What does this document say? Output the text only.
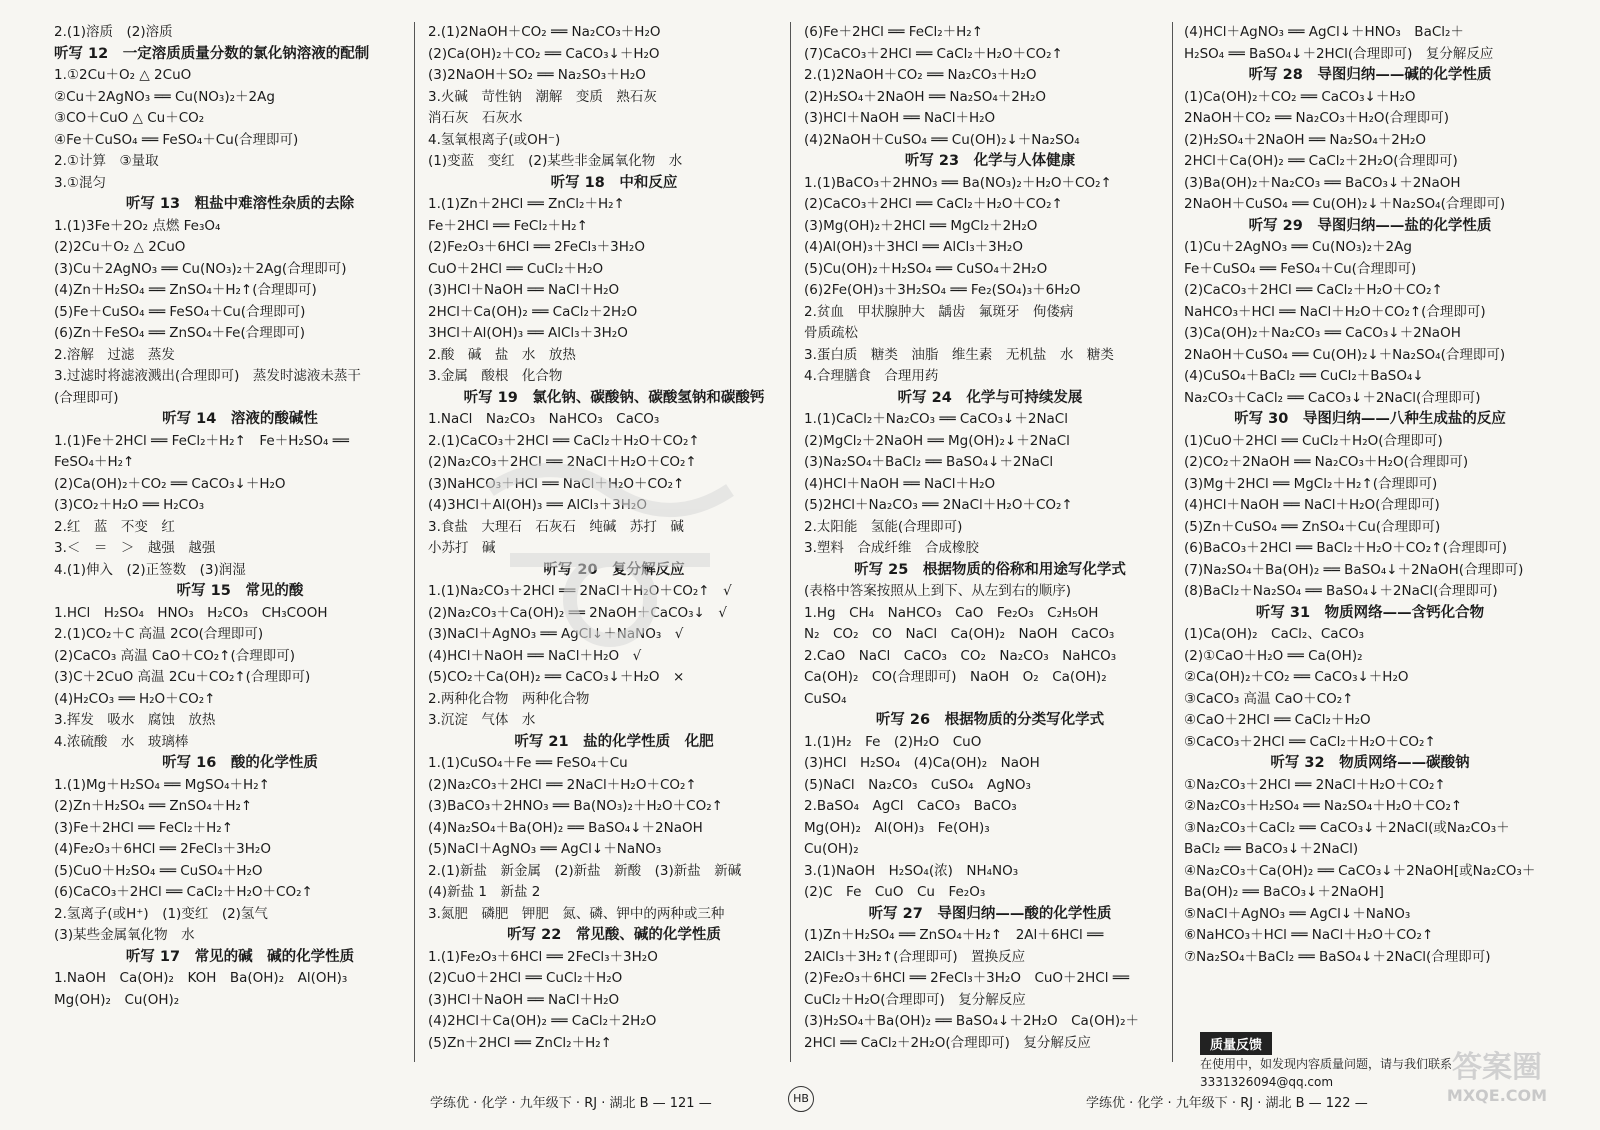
2.(1)溶质　(2)溶质
听写 12　一定溶质质量分数的氯化钠溶液的配制
1.①2Cu＋O₂ △ 2CuO
②Cu＋2AgNO₃ ══ Cu(NO₃)₂＋2Ag
③CO＋CuO △ Cu＋CO₂
④Fe＋CuSO₄ ══ FeSO₄＋Cu(合理即可)
2.①计算　③量取
3.①混匀
听写 13　粗盐中难溶性杂质的去除
1.(1)3Fe＋2O₂ 点燃 Fe₃O₄
(2)2Cu＋O₂ △ 2CuO
(3)Cu＋2AgNO₃ ══ Cu(NO₃)₂＋2Ag(合理即可)
(4)Zn＋H₂SO₄ ══ ZnSO₄＋H₂↑(合理即可)
(5)Fe＋CuSO₄ ══ FeSO₄＋Cu(合理即可)
(6)Zn＋FeSO₄ ══ ZnSO₄＋Fe(合理即可)
2.溶解　过滤　蒸发
3.过滤时将滤液溅出(合理即可)　蒸发时滤液未蒸干
(合理即可)
听写 14　溶液的酸碱性
1.(1)Fe＋2HCl ══ FeCl₂＋H₂↑　Fe＋H₂SO₄ ══
FeSO₄＋H₂↑
(2)Ca(OH)₂＋CO₂ ══ CaCO₃↓＋H₂O
(3)CO₂＋H₂O ══ H₂CO₃
2.红　蓝　不变　红
3.＜　＝　＞　越强　越强
4.(1)伸入　(2)正签数　(3)润湿
听写 15　常见的酸
1.HCl　H₂SO₄　HNO₃　H₂CO₃　CH₃COOH
2.(1)CO₂＋C 高温 2CO(合理即可)
(2)CaCO₃ 高温 CaO＋CO₂↑(合理即可)
(3)C＋2CuO 高温 2Cu＋CO₂↑(合理即可)
(4)H₂CO₃ ══ H₂O＋CO₂↑
3.挥发　吸水　腐蚀　放热
4.浓硫酸　水　玻璃棒
听写 16　酸的化学性质
1.(1)Mg＋H₂SO₄ ══ MgSO₄＋H₂↑
(2)Zn＋H₂SO₄ ══ ZnSO₄＋H₂↑
(3)Fe＋2HCl ══ FeCl₂＋H₂↑
(4)Fe₂O₃＋6HCl ══ 2FeCl₃＋3H₂O
(5)CuO＋H₂SO₄ ══ CuSO₄＋H₂O
(6)CaCO₃＋2HCl ══ CaCl₂＋H₂O＋CO₂↑
2.氢离子(或H⁺)　(1)变红　(2)氢气
(3)某些金属氧化物　水
听写 17　常见的碱　碱的化学性质
1.NaOH　Ca(OH)₂　KOH　Ba(OH)₂　Al(OH)₃
Mg(OH)₂　Cu(OH)₂
2.(1)2NaOH＋CO₂ ══ Na₂CO₃＋H₂O
(2)Ca(OH)₂＋CO₂ ══ CaCO₃↓＋H₂O
(3)2NaOH＋SO₂ ══ Na₂SO₃＋H₂O
3.火碱　苛性钠　潮解　变质　熟石灰
消石灰　石灰水
4.氢氧根离子(或OH⁻)
(1)变蓝　变红　(2)某些非金属氧化物　水
听写 18　中和反应
1.(1)Zn＋2HCl ══ ZnCl₂＋H₂↑
Fe＋2HCl ══ FeCl₂＋H₂↑
(2)Fe₂O₃＋6HCl ══ 2FeCl₃＋3H₂O
CuO＋2HCl ══ CuCl₂＋H₂O
(3)HCl＋NaOH ══ NaCl＋H₂O
2HCl＋Ca(OH)₂ ══ CaCl₂＋2H₂O
3HCl＋Al(OH)₃ ══ AlCl₃＋3H₂O
2.酸　碱　盐　水　放热
3.金属　酸根　化合物
听写 19　氯化钠、碳酸钠、碳酸氢钠和碳酸钙
1.NaCl　Na₂CO₃　NaHCO₃　CaCO₃
2.(1)CaCO₃＋2HCl ══ CaCl₂＋H₂O＋CO₂↑
(2)Na₂CO₃＋2HCl ══ 2NaCl＋H₂O＋CO₂↑
(3)NaHCO₃＋HCl ══ NaCl＋H₂O＋CO₂↑
(4)3HCl＋Al(OH)₃ ══ AlCl₃＋3H₂O
3.食盐　大理石　石灰石　纯碱　苏打　碱
小苏打　碱
听写 20　复分解反应
1.(1)Na₂CO₃＋2HCl ══ 2NaCl＋H₂O＋CO₂↑　√
(2)Na₂CO₃＋Ca(OH)₂ ══ 2NaOH＋CaCO₃↓　√
(3)NaCl＋AgNO₃ ══ AgCl↓＋NaNO₃　√
(4)HCl＋NaOH ══ NaCl＋H₂O　√
(5)CO₂＋Ca(OH)₂ ══ CaCO₃↓＋H₂O　×
2.两种化合物　两种化合物
3.沉淀　气体　水
听写 21　盐的化学性质　化肥
1.(1)CuSO₄＋Fe ══ FeSO₄＋Cu
(2)Na₂CO₃＋2HCl ══ 2NaCl＋H₂O＋CO₂↑
(3)BaCO₃＋2HNO₃ ══ Ba(NO₃)₂＋H₂O＋CO₂↑
(4)Na₂SO₄＋Ba(OH)₂ ══ BaSO₄↓＋2NaOH
(5)NaCl＋AgNO₃ ══ AgCl↓＋NaNO₃
2.(1)新盐　新金属　(2)新盐　新酸　(3)新盐　新碱
(4)新盐 1　新盐 2
3.氮肥　磷肥　钾肥　氮、磷、钾中的两种或三种
听写 22　常见酸、碱的化学性质
1.(1)Fe₂O₃＋6HCl ══ 2FeCl₃＋3H₂O
(2)CuO＋2HCl ══ CuCl₂＋H₂O
(3)HCl＋NaOH ══ NaCl＋H₂O
(4)2HCl＋Ca(OH)₂ ══ CaCl₂＋2H₂O
(5)Zn＋2HCl ══ ZnCl₂＋H₂↑
(6)Fe＋2HCl ══ FeCl₂＋H₂↑
(7)CaCO₃＋2HCl ══ CaCl₂＋H₂O＋CO₂↑
2.(1)2NaOH＋CO₂ ══ Na₂CO₃＋H₂O
(2)H₂SO₄＋2NaOH ══ Na₂SO₄＋2H₂O
(3)HCl＋NaOH ══ NaCl＋H₂O
(4)2NaOH＋CuSO₄ ══ Cu(OH)₂↓＋Na₂SO₄
听写 23　化学与人体健康
1.(1)BaCO₃＋2HNO₃ ══ Ba(NO₃)₂＋H₂O＋CO₂↑
(2)CaCO₃＋2HCl ══ CaCl₂＋H₂O＋CO₂↑
(3)Mg(OH)₂＋2HCl ══ MgCl₂＋2H₂O
(4)Al(OH)₃＋3HCl ══ AlCl₃＋3H₂O
(5)Cu(OH)₂＋H₂SO₄ ══ CuSO₄＋2H₂O
(6)2Fe(OH)₃＋3H₂SO₄ ══ Fe₂(SO₄)₃＋6H₂O
2.贫血　甲状腺肿大　龋齿　氟斑牙　佝偻病
骨质疏松
3.蛋白质　糖类　油脂　维生素　无机盐　水　糖类
4.合理膳食　合理用药
听写 24　化学与可持续发展
1.(1)CaCl₂＋Na₂CO₃ ══ CaCO₃↓＋2NaCl
(2)MgCl₂＋2NaOH ══ Mg(OH)₂↓＋2NaCl
(3)Na₂SO₄＋BaCl₂ ══ BaSO₄↓＋2NaCl
(4)HCl＋NaOH ══ NaCl＋H₂O
(5)2HCl＋Na₂CO₃ ══ 2NaCl＋H₂O＋CO₂↑
2.太阳能　氢能(合理即可)
3.塑料　合成纤维　合成橡胶
听写 25　根据物质的俗称和用途写化学式
(表格中答案按照从上到下、从左到右的顺序)
1.Hg　CH₄　NaHCO₃　CaO　Fe₂O₃　C₂H₅OH
N₂　CO₂　CO　NaCl　Ca(OH)₂　NaOH　CaCO₃
2.CaO　NaCl　CaCO₃　CO₂　Na₂CO₃　NaHCO₃
Ca(OH)₂　CO(合理即可)　NaOH　O₂　Ca(OH)₂
CuSO₄
听写 26　根据物质的分类写化学式
1.(1)H₂　Fe　(2)H₂O　CuO
(3)HCl　H₂SO₄　(4)Ca(OH)₂　NaOH
(5)NaCl　Na₂CO₃　CuSO₄　AgNO₃
2.BaSO₄　AgCl　CaCO₃　BaCO₃
Mg(OH)₂　Al(OH)₃　Fe(OH)₃
Cu(OH)₂
3.(1)NaOH　H₂SO₄(浓)　NH₄NO₃
(2)C　Fe　CuO　Cu　Fe₂O₃
听写 27　导图归纳——酸的化学性质
(1)Zn＋H₂SO₄ ══ ZnSO₄＋H₂↑　2Al＋6HCl ══
2AlCl₃＋3H₂↑(合理即可)　置换反应
(2)Fe₂O₃＋6HCl ══ 2FeCl₃＋3H₂O　CuO＋2HCl ══
CuCl₂＋H₂O(合理即可)　复分解反应
(3)H₂SO₄＋Ba(OH)₂ ══ BaSO₄↓＋2H₂O　Ca(OH)₂＋
2HCl ══ CaCl₂＋2H₂O(合理即可)　复分解反应
(4)HCl＋AgNO₃ ══ AgCl↓＋HNO₃　BaCl₂＋
H₂SO₄ ══ BaSO₄↓＋2HCl(合理即可)　复分解反应
听写 28　导图归纳——碱的化学性质
(1)Ca(OH)₂＋CO₂ ══ CaCO₃↓＋H₂O
2NaOH＋CO₂ ══ Na₂CO₃＋H₂O(合理即可)
(2)H₂SO₄＋2NaOH ══ Na₂SO₄＋2H₂O
2HCl＋Ca(OH)₂ ══ CaCl₂＋2H₂O(合理即可)
(3)Ba(OH)₂＋Na₂CO₃ ══ BaCO₃↓＋2NaOH
2NaOH＋CuSO₄ ══ Cu(OH)₂↓＋Na₂SO₄(合理即可)
听写 29　导图归纳——盐的化学性质
(1)Cu＋2AgNO₃ ══ Cu(NO₃)₂＋2Ag
Fe＋CuSO₄ ══ FeSO₄＋Cu(合理即可)
(2)CaCO₃＋2HCl ══ CaCl₂＋H₂O＋CO₂↑
NaHCO₃＋HCl ══ NaCl＋H₂O＋CO₂↑(合理即可)
(3)Ca(OH)₂＋Na₂CO₃ ══ CaCO₃↓＋2NaOH
2NaOH＋CuSO₄ ══ Cu(OH)₂↓＋Na₂SO₄(合理即可)
(4)CuSO₄＋BaCl₂ ══ CuCl₂＋BaSO₄↓
Na₂CO₃＋CaCl₂ ══ CaCO₃↓＋2NaCl(合理即可)
听写 30　导图归纳——八种生成盐的反应
(1)CuO＋2HCl ══ CuCl₂＋H₂O(合理即可)
(2)CO₂＋2NaOH ══ Na₂CO₃＋H₂O(合理即可)
(3)Mg＋2HCl ══ MgCl₂＋H₂↑(合理即可)
(4)HCl＋NaOH ══ NaCl＋H₂O(合理即可)
(5)Zn＋CuSO₄ ══ ZnSO₄＋Cu(合理即可)
(6)BaCO₃＋2HCl ══ BaCl₂＋H₂O＋CO₂↑(合理即可)
(7)Na₂SO₄＋Ba(OH)₂ ══ BaSO₄↓＋2NaOH(合理即可)
(8)BaCl₂＋Na₂SO₄ ══ BaSO₄↓＋2NaCl(合理即可)
听写 31　物质网络——含钙化合物
(1)Ca(OH)₂　CaCl₂、CaCO₃
(2)①CaO＋H₂O ══ Ca(OH)₂
②Ca(OH)₂＋CO₂ ══ CaCO₃↓＋H₂O
③CaCO₃ 高温 CaO＋CO₂↑
④CaO＋2HCl ══ CaCl₂＋H₂O
⑤CaCO₃＋2HCl ══ CaCl₂＋H₂O＋CO₂↑
听写 32　物质网络——碳酸钠
①Na₂CO₃＋2HCl ══ 2NaCl＋H₂O＋CO₂↑
②Na₂CO₃＋H₂SO₄ ══ Na₂SO₄＋H₂O＋CO₂↑
③Na₂CO₃＋CaCl₂ ══ CaCO₃↓＋2NaCl(或Na₂CO₃＋
BaCl₂ ══ BaCO₃↓＋2NaCl)
④Na₂CO₃＋Ca(OH)₂ ══ CaCO₃↓＋2NaOH[或Na₂CO₃＋
Ba(OH)₂ ══ BaCO₃↓＋2NaOH]
⑤NaCl＋AgNO₃ ══ AgCl↓＋NaNO₃
⑥NaHCO₃＋HCl ══ NaCl＋H₂O＋CO₂↑
⑦Na₂SO₄＋BaCl₂ ══ BaSO₄↓＋2NaCl(合理即可)
学练优 · 化学 · 九年级下 · RJ · 湖北 B — 121 —	HB	学练优 · 化学 · 九年级下 · RJ · 湖北 B — 122 —
质量反馈
在使用中，如发现内容质量问题，请与我们联系
3331326094@qq.com	答案圈
MXQE.COM
